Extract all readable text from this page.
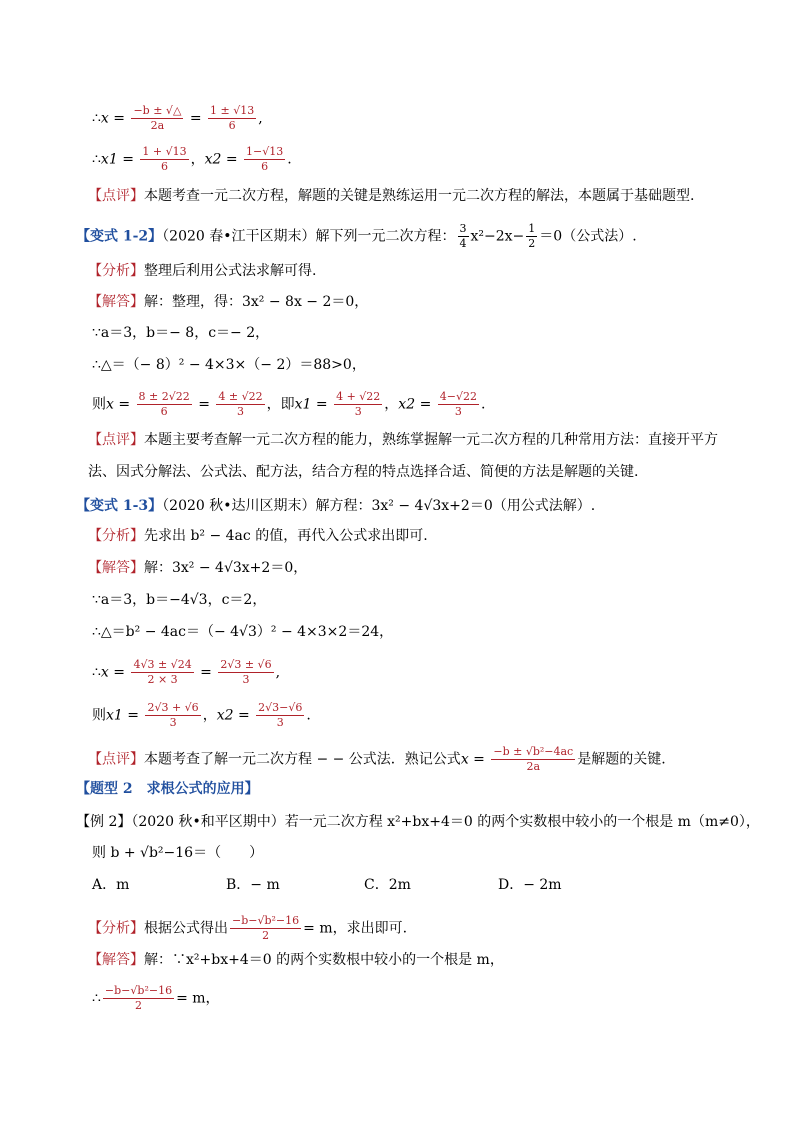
∴x = $\frac{-b \pm √\triangle}{2a} = \frac{1 \pm √13}{6}$ ,
∴x1 = $\frac{1 + √13}{6}$ ，$x2 = \frac{1-√13}{6}$ .
【点评】本题考查一元二次方程，解题的关键是熟练运用一元二次方程的解法，本题属于基础题型.
【变式 1-2】（2020 春•江干区期末）解下列一元二次方程： $\frac{3}{4} x^2-2x- \frac{1}{2} =0$（公式法）.
【分析】整理后利用公式法求解可得.
【解答】解：整理，得：3x² − 8x − 2＝0，
∵a＝3，b＝− 8，c＝− 2，
∴△＝（− 8）² − 4×3×（− 2）＝88>0，
则$x = \frac{8 \pm 2√22}{6} = \frac{4 \pm √22}{3}$ ，即$x1 = \frac{4 + √22}{3}$ ，$x2 = \frac{4-√22}{3}$ .
【点评】本题主要考查解一元二次方程的能力，熟练掌握解一元二次方程的几种常用方法：直接开平方
法、因式分解法、公式法、配方法，结合方程的特点选择合适、简便的方法是解题的关键.
【变式 1-3】（2020 秋•达川区期末）解方程：3x² − 4√3x+2＝0（用公式法解）.
【分析】先求出 b² − 4ac 的值，再代入公式求出即可.
【解答】解：3x² − 4√3x+2＝0，
∵a＝3，b＝−4√3，c＝2，
∴△＝b² − 4ac＝（− 4√3）² − 4×3×2＝24，
∴x = $\frac{4√3 \pm √24}{2 \times 3} = \frac{2√3 \pm √6}{3}$ ,
则$x1 = \frac{2√3 + √6}{3}$ ，$x2 = \frac{2√3-√6}{3}$ .
【点评】本题考查了解一元二次方程 − − 公式法．熟记公式$x = \frac{\text{−b ± √b²−4ac}}{2a}$ 是解题的关键.
【题型 2　求根公式的应用】
【例 2】（2020 秋•和平区期中）若一元二次方程 x²+bx+4＝0 的两个实数根中较小的一个根是 m（m≠0），
则 b + √b²−16＝（　　）
A．m	B．− m	C．2m	D．− 2m
【分析】根据公式得出 $\frac{\text{−b−√b²−16}}{2} = m$，求出即可.
【解答】解：∵x²+bx+4＝0 的两个实数根中较小的一个根是 m，
∴ $\frac{\text{−b−√b²−16}}{2} = m$，
